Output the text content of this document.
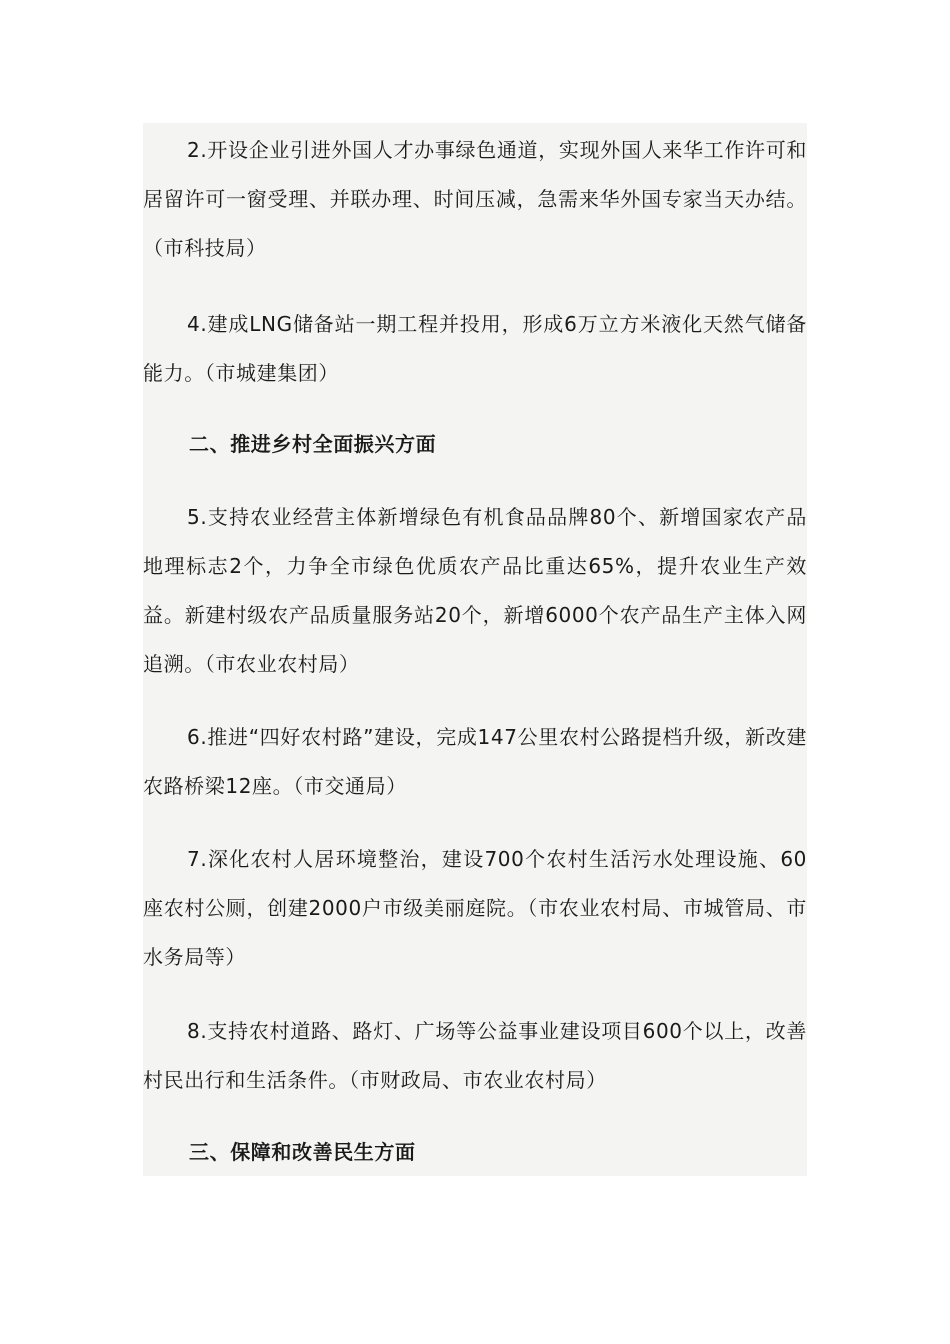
2.开设企业引进外国人才办事绿色通道，实现外国人来华工作许可和居留许可一窗受理、并联办理、时间压减，急需来华外国专家当天办结。（市科技局）

4.建成LNG储备站一期工程并投用，形成6万立方米液化天然气储备能力。（市城建集团）

二、推进乡村全面振兴方面

5.支持农业经营主体新增绿色有机食品品牌80个、新增国家农产品地理标志2个，力争全市绿色优质农产品比重达65%，提升农业生产效益。新建村级农产品质量服务站20个，新增6000个农产品生产主体入网追溯。（市农业农村局）

6.推进“四好农村路”建设，完成147公里农村公路提档升级，新改建农路桥梁12座。（市交通局）

7.深化农村人居环境整治，建设700个农村生活污水处理设施、60座农村公厕，创建2000户市级美丽庭院。（市农业农村局、市城管局、市水务局等）

8.支持农村道路、路灯、广场等公益事业建设项目600个以上，改善村民出行和生活条件。（市财政局、市农业农村局）

三、保障和改善民生方面
